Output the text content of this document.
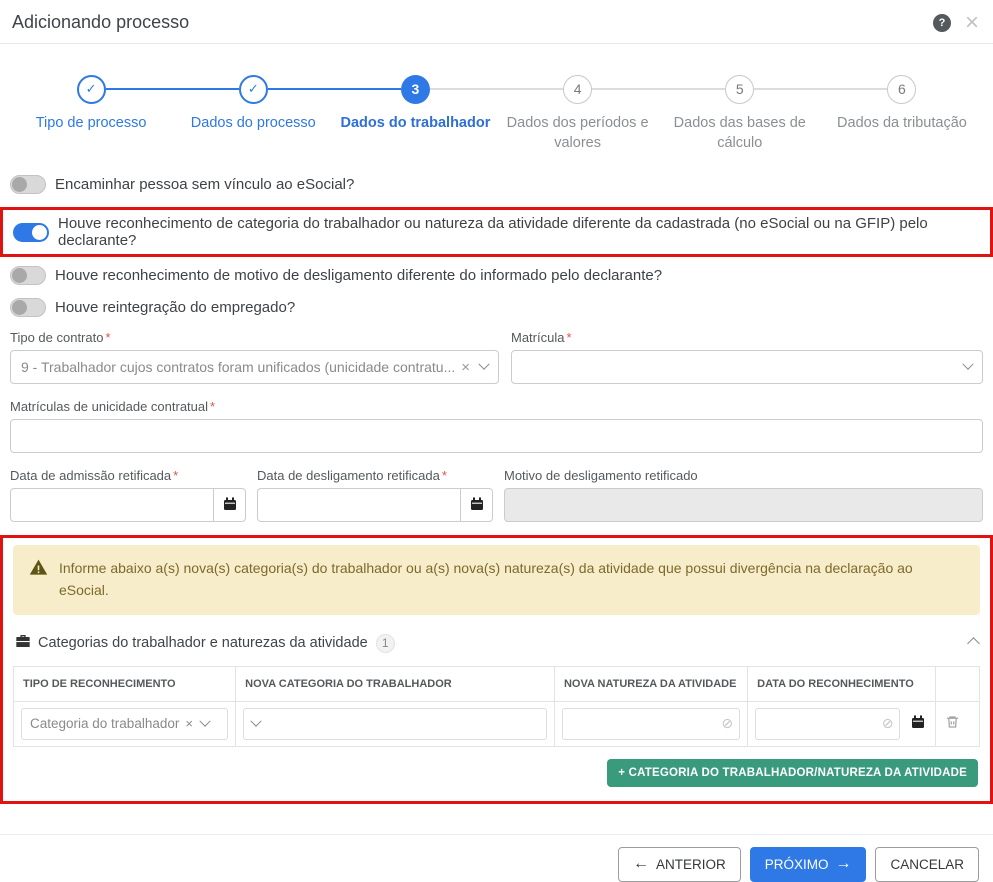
Adicionando processo	? ×
✓
Tipo de processo
✓
Dados do processo
3
Dados do trabalhador
4
Dados dos períodos e valores
5
Dados das bases de cálculo
6
Dados da tributação
Encaminhar pessoa sem vínculo ao eSocial?
Houve reconhecimento de categoria do trabalhador ou natureza da atividade diferente da cadastrada (no eSocial ou na GFIP) pelo declarante?
Houve reconhecimento de motivo de desligamento diferente do informado pelo declarante?
Houve reintegração do empregado?
Tipo de contrato *
9 - Trabalhador cujos contratos foram unificados (unicidade contratu... ×
Matrícula *
Matrículas de unicidade contratual *
Data de admissão retificada *	Data de desligamento retificada *	Motivo de desligamento retificado
Informe abaixo a(s) nova(s) categoria(s) do trabalhador ou a(s) nova(s) natureza(s) da atividade que possui divergência na declaração ao eSocial.
Categorias do trabalhador e naturezas da atividade	1
TIPO DE RECONHECIMENTO	NOVA CATEGORIA DO TRABALHADOR	NOVA NATUREZA DA ATIVIDADE	DATA DO RECONHECIMENTO	

Categoria do trabalhador ×		⊘	⊘

+ CATEGORIA DO TRABALHADOR/NATUREZA DA ATIVIDADE
← ANTERIOR	PRÓXIMO →	CANCELAR
